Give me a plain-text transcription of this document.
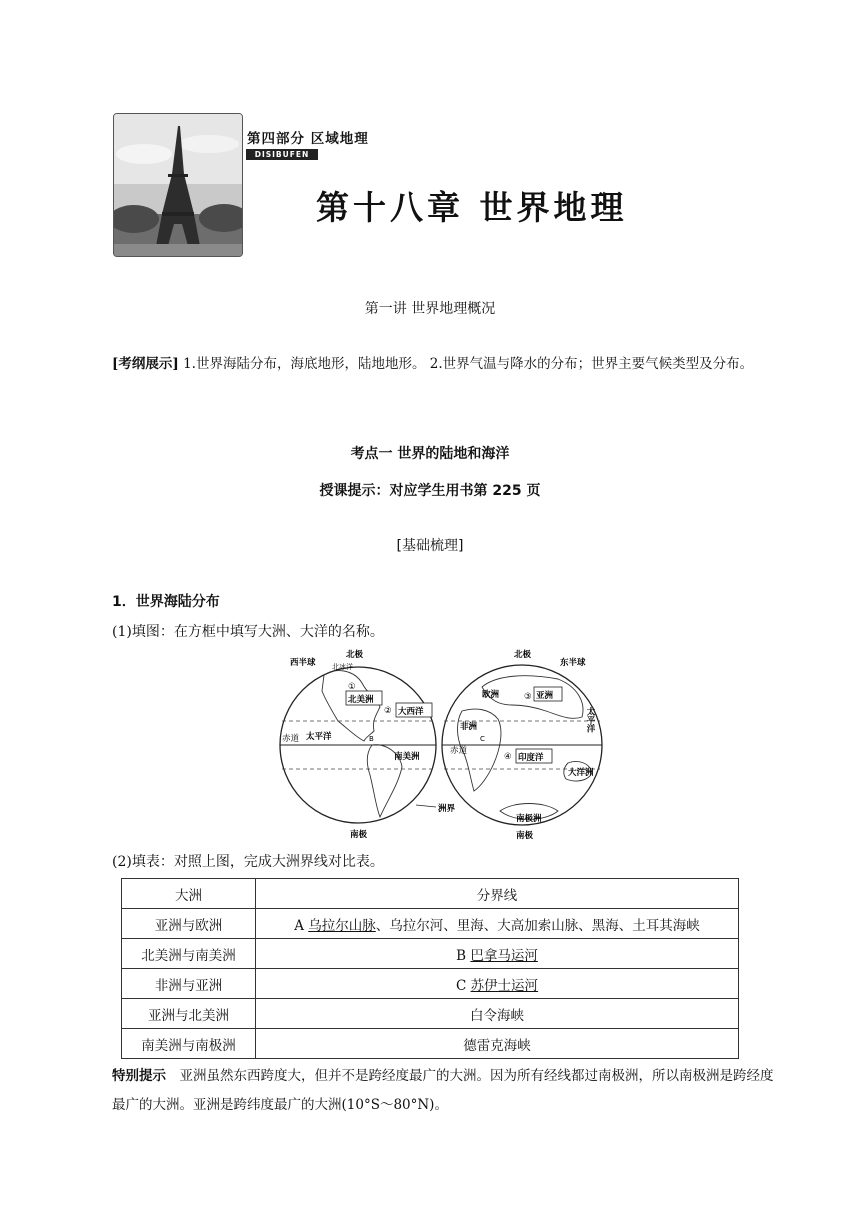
第四部分 区域地理
DISIBUFEN
第十八章 世界地理
第一讲 世界地理概况
[考纲展示] 1.世界海陆分布，海底地形，陆地地形。 2.世界气温与降水的分布；世界主要气候类型及分布。
考点一 世界的陆地和海洋
授课提示：对应学生用书第 225 页
[基础梳理]
1．世界海陆分布
(1)填图：在方框中填写大洲、大洋的名称。
西半球
北极
北冰洋
①
北美洲
② 大西洋
赤道 太平洋	B
南美洲
洲界
南极
北极
东半球
欧洲	③ 亚洲
太平洋
非洲
C
赤道
④ 印度洋
大洋洲
南极洲
南极
(2)填表：对照上图，完成大洲界线对比表。
大洲	分界线
亚洲与欧洲	A 乌拉尔山脉、乌拉尔河、里海、大高加索山脉、黑海、土耳其海峡
北美洲与南美洲	B 巴拿马运河
非洲与亚洲	C 苏伊士运河
亚洲与北美洲	白令海峡
南美洲与南极洲	德雷克海峡
特别提示　亚洲虽然东西跨度大，但并不是跨经度最广的大洲。因为所有经线都过南极洲，所以南极洲是跨经度最广的大洲。亚洲是跨纬度最广的大洲(10°S～80°N)。
